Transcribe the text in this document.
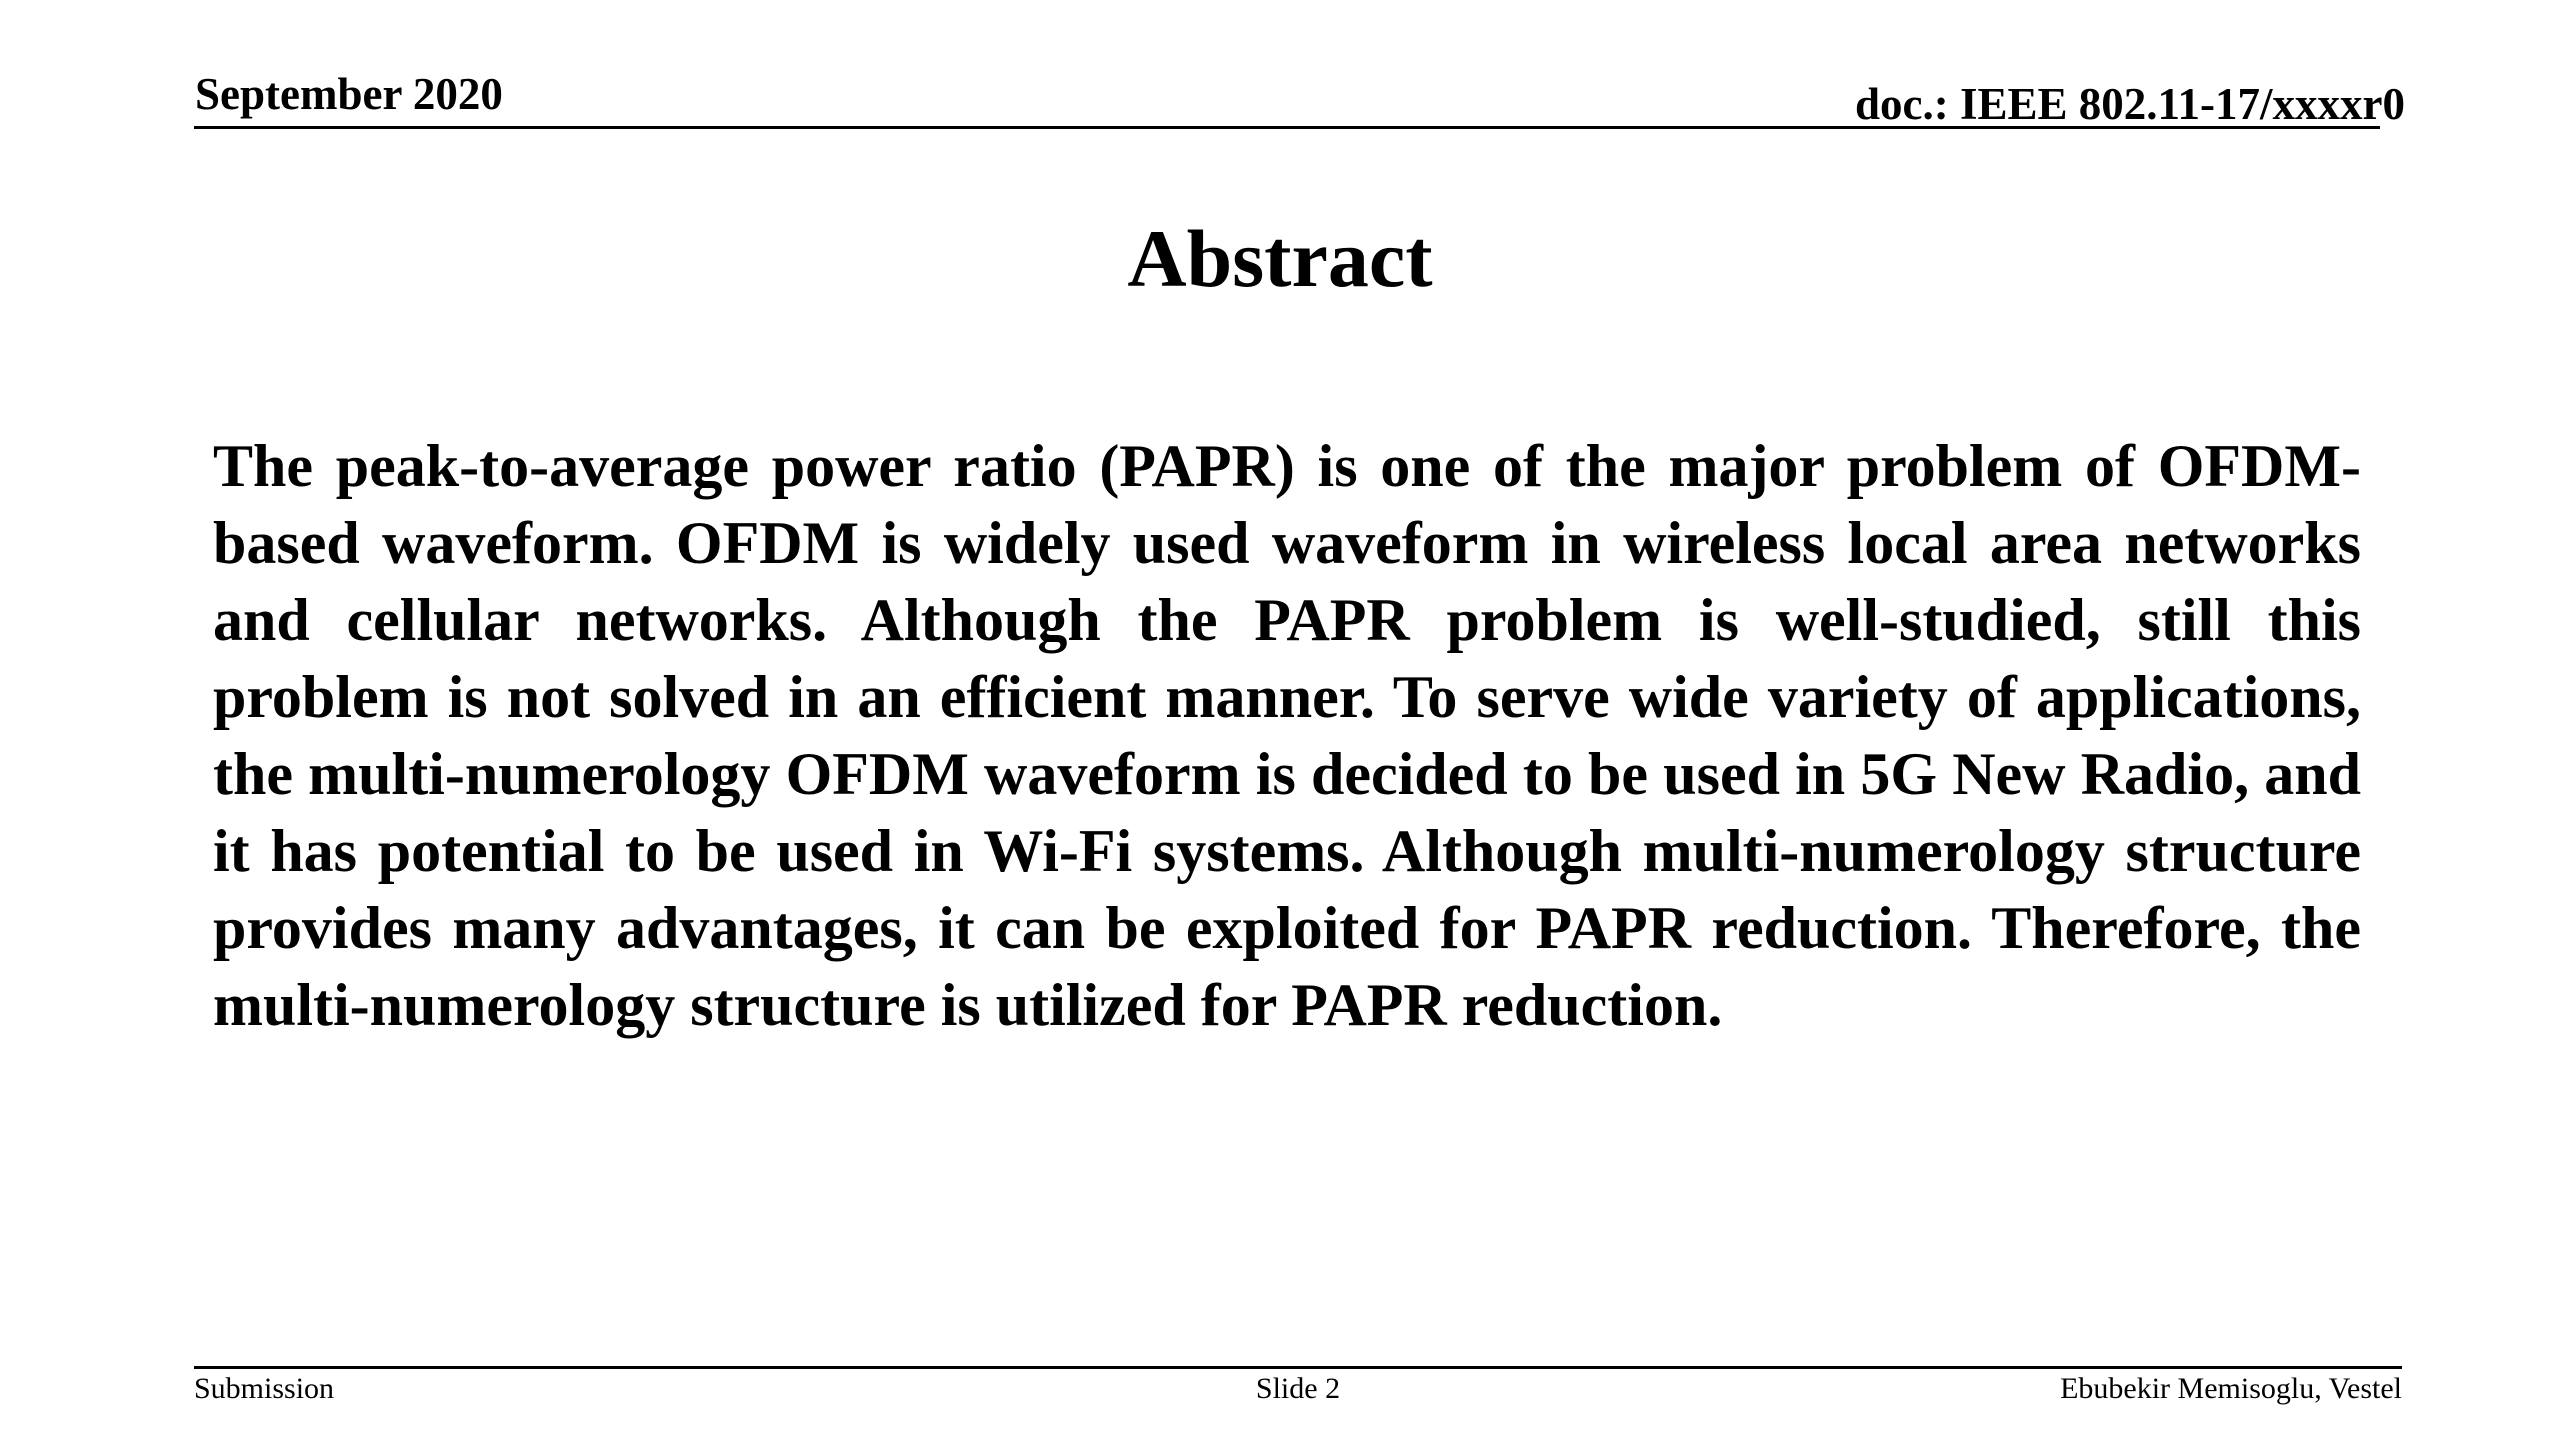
September 2020	doc.: IEEE 802.11-17/xxxxr0
Abstract

The peak-to-average power ratio (PAPR) is one of the major problem of OFDM-based waveform. OFDM is widely used waveform in wireless local area networks and cellular networks. Although the PAPR problem is well-studied, still this problem is not solved in an efficient manner. To serve wide variety of applications, the multi-numerology OFDM waveform is decided to be used in 5G New Radio, and it has potential to be used in Wi-Fi systems. Although multi-numerology structure provides many advantages, it can be exploited for PAPR reduction. Therefore, the multi-numerology structure is utilized for PAPR reduction.

Submission	Slide 2	Ebubekir Memisoglu, Vestel
